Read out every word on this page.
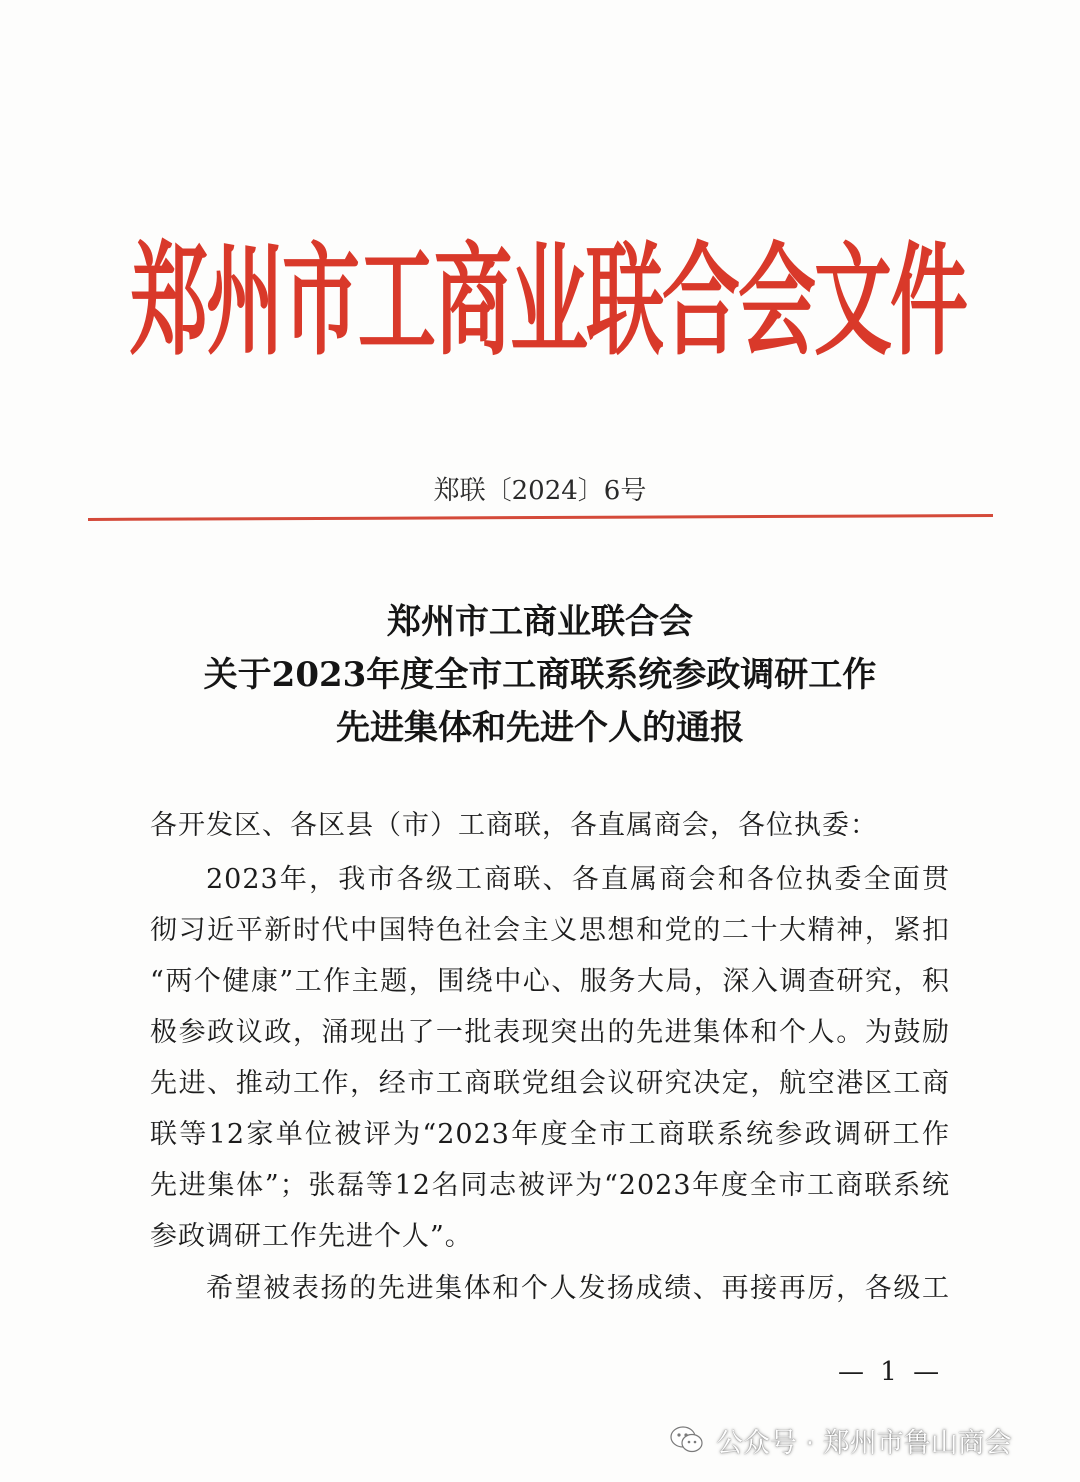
郑州市工商业联合会文件
郑联〔2024〕6号
郑州市工商业联合会
关于2023年度全市工商联系统参政调研工作
先进集体和先进个人的通报
各开发区、各区县（市）工商联，各直属商会，各位执委：
2023年，我市各级工商联、各直属商会和各位执委全面贯
彻习近平新时代中国特色社会主义思想和党的二十大精神，紧扣
“两个健康”工作主题，围绕中心、服务大局，深入调查研究，积
极参政议政，涌现出了一批表现突出的先进集体和个人。为鼓励
先进、推动工作，经市工商联党组会议研究决定，航空港区工商
联等12家单位被评为“2023年度全市工商联系统参政调研工作
先进集体”；张磊等12名同志被评为“2023年度全市工商联系统
参政调研工作先进个人”。
希望被表扬的先进集体和个人发扬成绩、再接再厉，各级工
— 1 —
公众号 · 郑州市鲁山商会
